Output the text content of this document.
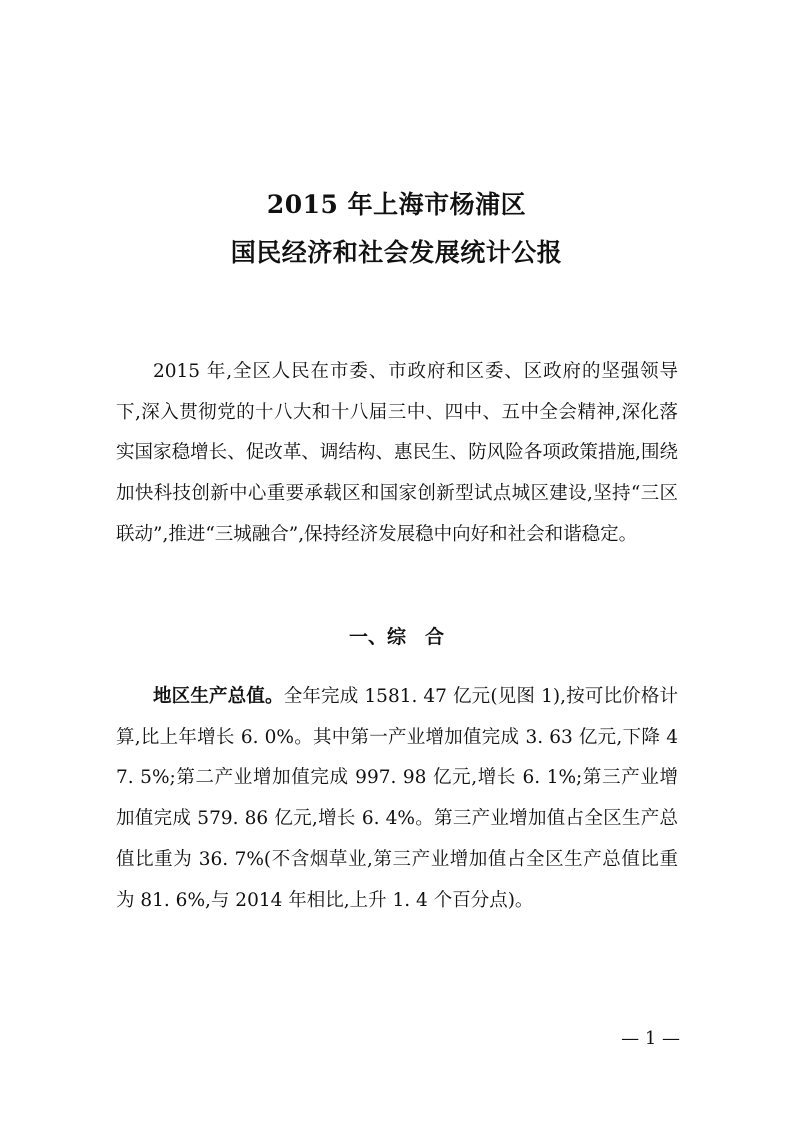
2015 年上海市杨浦区
国民经济和社会发展统计公报

2015 年,全区人民在市委、市政府和区委、区政府的坚强领导下,深入贯彻党的十八大和十八届三中、四中、五中全会精神,深化落实国家稳增长、促改革、调结构、惠民生、防风险各项政策措施,围绕加快科技创新中心重要承载区和国家创新型试点城区建设,坚持“三区联动”,推进“三城融合”,保持经济发展稳中向好和社会和谐稳定。

一、综　合

地区生产总值。全年完成 1581. 47 亿元(见图 1),按可比价格计算,比上年增长 6. 0%。其中第一产业增加值完成 3. 63 亿元,下降 47. 5%;第二产业增加值完成 997. 98 亿元,增长 6. 1%;第三产业增加值完成 579. 86 亿元,增长 6. 4%。第三产业增加值占全区生产总值比重为 36. 7%(不含烟草业,第三产业增加值占全区生产总值比重为 81. 6%,与 2014 年相比,上升 1. 4 个百分点)。

— 1 —
